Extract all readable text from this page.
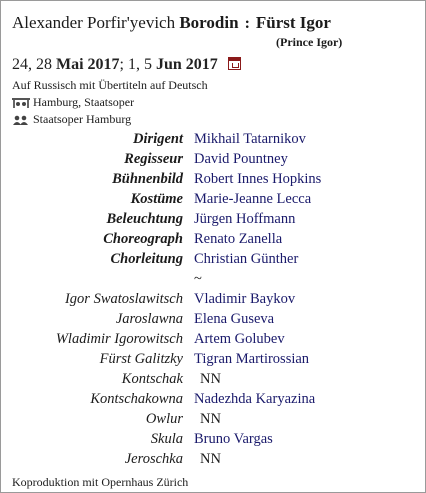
Alexander Porfir'yevich Borodin : Fürst Igor
(Prince Igor)
24, 28 Mai 2017; 1, 5 Jun 2017
Auf Russisch mit Übertiteln auf Deutsch
Hamburg, Staatsoper
Staatsoper Hamburg
Dirigent Mikhail Tatarnikov
Regisseur David Pountney
Bühnenbild Robert Innes Hopkins
Kostüme Marie-Jeanne Lecca
Beleuchtung Jürgen Hoffmann
Choreograph Renato Zanella
Chorleitung Christian Günther
~
Igor Swatoslawitsch Vladimir Baykov
Jaroslawna Elena Guseva
Wladimir Igorowitsch Artem Golubev
Fürst Galitzky Tigran Martirossian
Kontschak NN
Kontschakowna Nadezhda Karyazina
Owlur NN
Skula Bruno Vargas
Jeroschka NN
Koproduktion mit Opernhaus Zürich
